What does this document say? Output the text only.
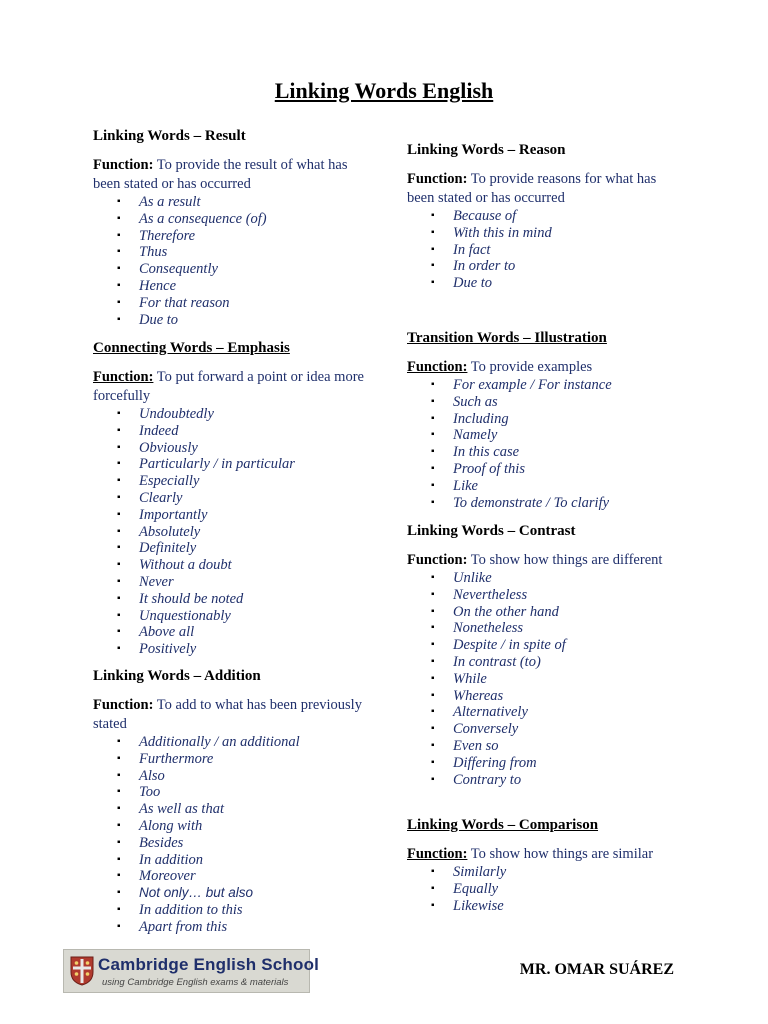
Linking Words English

Linking Words – Result

Function: To provide the result of what has been stated or has occurred

▪ As a result
▪ As a consequence (of)
▪ Therefore
▪ Thus
▪ Consequently
▪ Hence
▪ For that reason
▪ Due to

Connecting Words – Emphasis

Function: To put forward a point or idea more forcefully

▪ Undoubtedly
▪ Indeed
▪ Obviously
▪ Particularly / in particular
▪ Especially
▪ Clearly
▪ Importantly
▪ Absolutely
▪ Definitely
▪ Without a doubt
▪ Never
▪ It should be noted
▪ Unquestionably
▪ Above all
▪ Positively

Linking Words – Addition

Function: To add to what has been previously stated

▪ Additionally / an additional
▪ Furthermore
▪ Also
▪ Too
▪ As well as that
▪ Along with
▪ Besides
▪ In addition
▪ Moreover
▪ Not only… but also
▪ In addition to this
▪ Apart from this

Linking Words – Reason

Function: To provide reasons for what has been stated or has occurred

▪ Because of
▪ With this in mind
▪ In fact
▪ In order to
▪ Due to

Transition Words – Illustration

Function: To provide examples

▪ For example / For instance
▪ Such as
▪ Including
▪ Namely
▪ In this case
▪ Proof of this
▪ Like
▪ To demonstrate / To clarify

Linking Words – Contrast

Function: To show how things are different

▪ Unlike
▪ Nevertheless
▪ On the other hand
▪ Nonetheless
▪ Despite / in spite of
▪ In contrast (to)
▪ While
▪ Whereas
▪ Alternatively
▪ Conversely
▪ Even so
▪ Differing from
▪ Contrary to

Linking Words – Comparison

Function: To show how things are similar

▪ Similarly
▪ Equally
▪ Likewise
Cambridge English School
using Cambridge English exams & materials
MR. OMAR SUÁREZ
